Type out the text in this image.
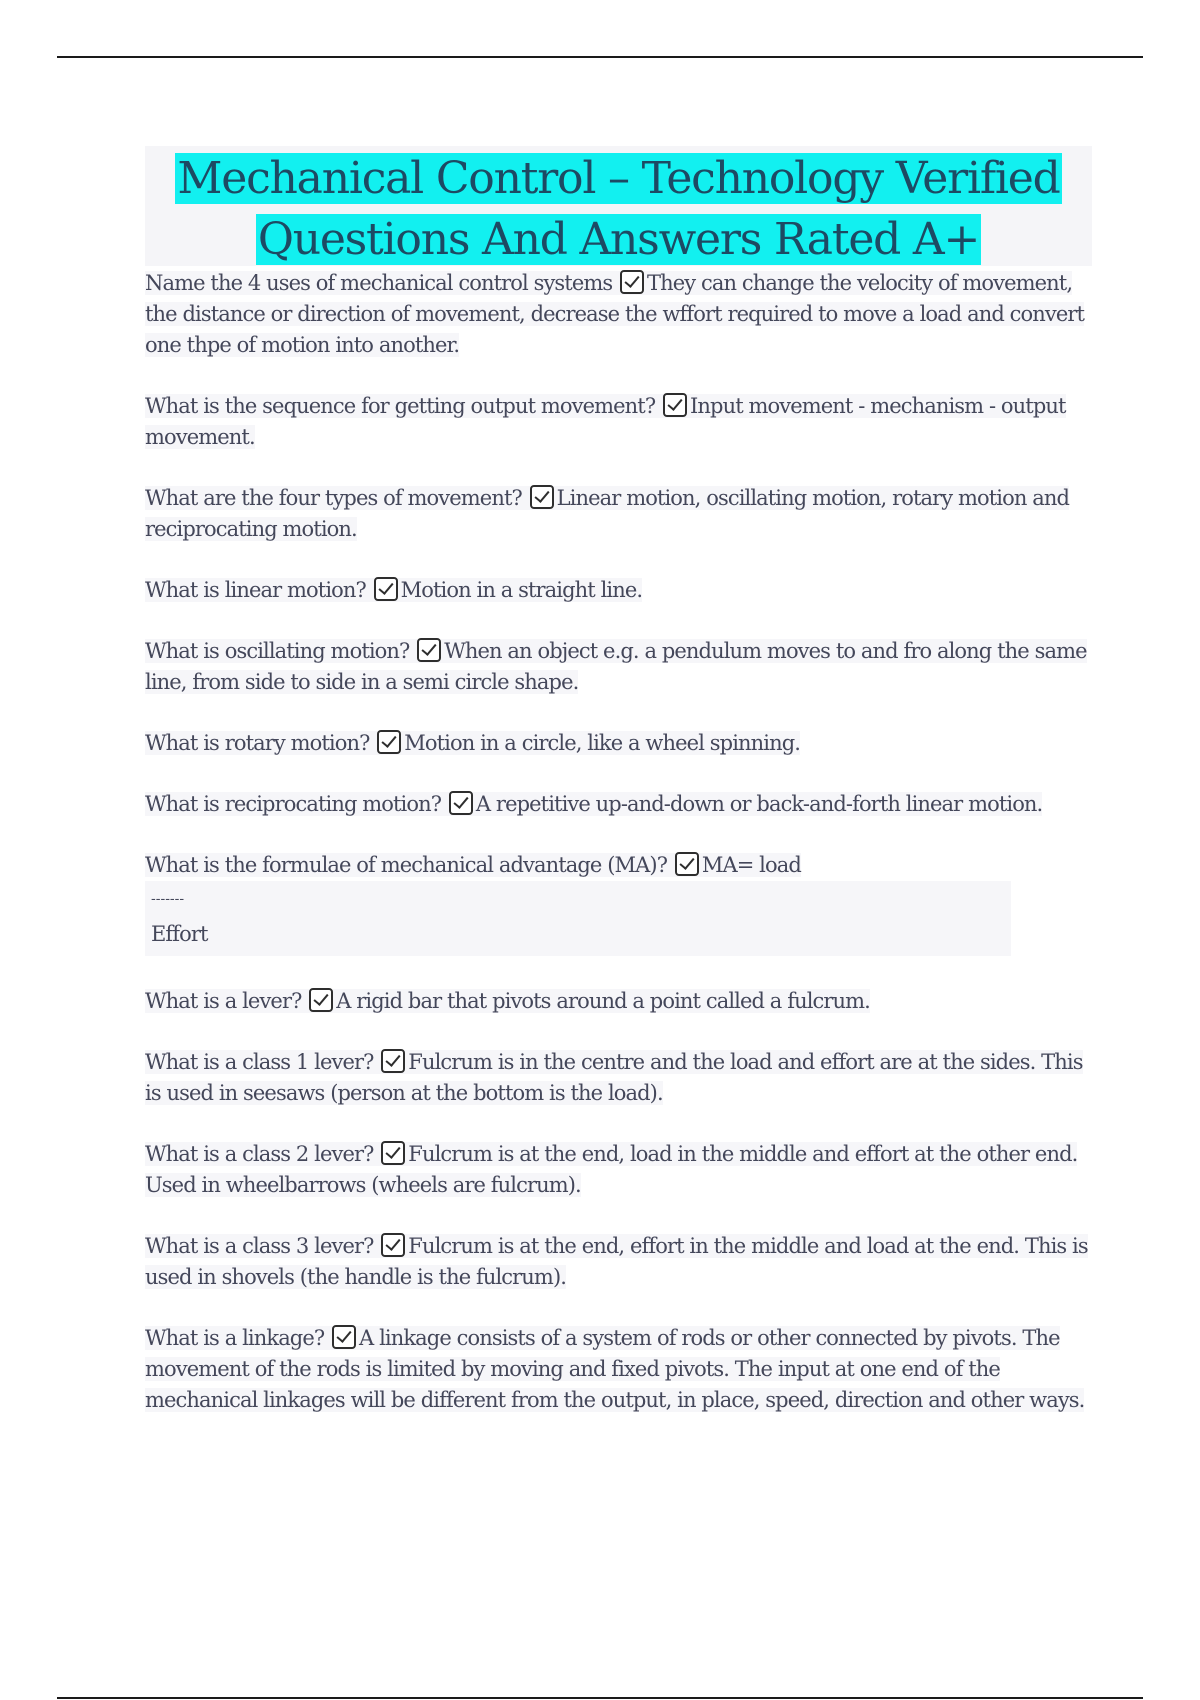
Mechanical Control – Technology Verified Questions And Answers Rated A+
Name the 4 uses of mechanical control systems They can change the velocity of movement, the distance or direction of movement, decrease the wffort required to move a load and convert one thpe of motion into another.
What is the sequence for getting output movement? Input movement - mechanism - output movement.
What are the four types of movement? Linear motion, oscillating motion, rotary motion and reciprocating motion.
What is linear motion? Motion in a straight line.
What is oscillating motion? When an object e.g. a pendulum moves to and fro along the same line, from side to side in a semi circle shape.
What is rotary motion? Motion in a circle, like a wheel spinning.
What is reciprocating motion? A repetitive up-and-down or back-and-forth linear motion.
What is the formulae of mechanical advantage (MA)? MA= load
-------
Effort
What is a lever? A rigid bar that pivots around a point called a fulcrum.
What is a class 1 lever? Fulcrum is in the centre and the load and effort are at the sides. This is used in seesaws (person at the bottom is the load).
What is a class 2 lever? Fulcrum is at the end, load in the middle and effort at the other end. Used in wheelbarrows (wheels are fulcrum).
What is a class 3 lever? Fulcrum is at the end, effort in the middle and load at the end. This is used in shovels (the handle is the fulcrum).
What is a linkage? A linkage consists of a system of rods or other connected by pivots. The movement of the rods is limited by moving and fixed pivots. The input at one end of the mechanical linkages will be different from the output, in place, speed, direction and other ways.
